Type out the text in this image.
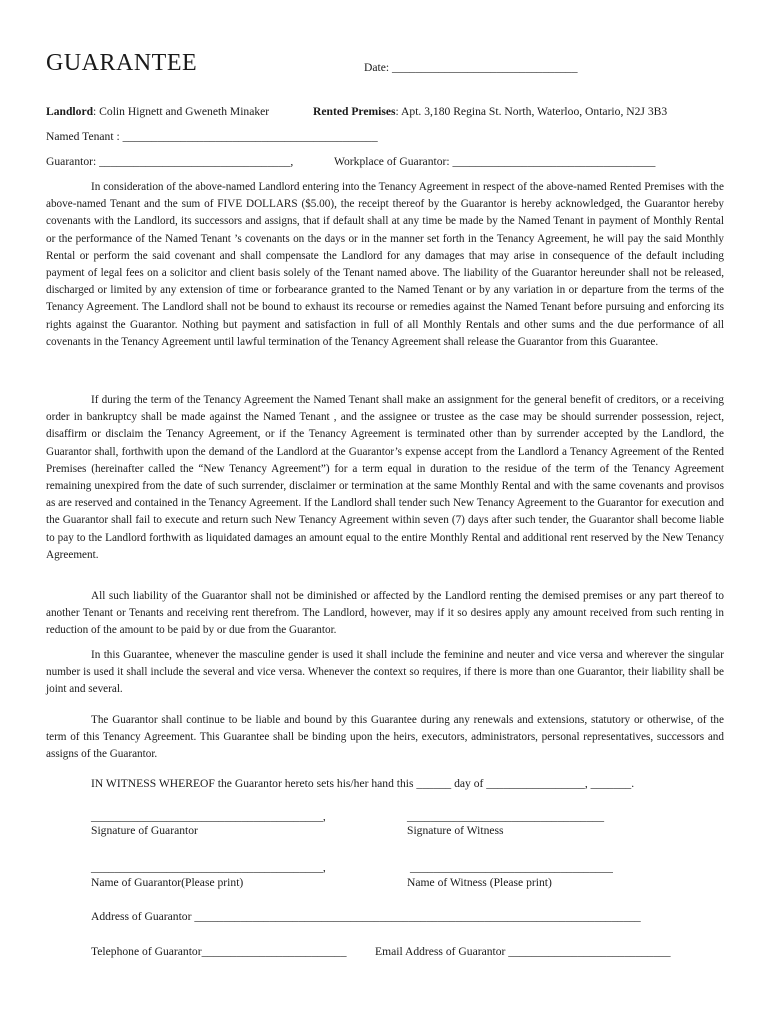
GUARANTEE	Date: ________________________________
Landlord: Colin Hignett and Gweneth Minaker	Rented Premises: Apt. 3,180 Regina St. North, Waterloo, Ontario, N2J 3B3
Named Tenant : ____________________________________________
Guarantor: _________________________________,	Workplace of Guarantor: ___________________________________
In consideration of the above-named Landlord entering into the Tenancy Agreement in respect of the above-named Rented Premises with the above-named Tenant and the sum of FIVE DOLLARS ($5.00), the receipt thereof by the Guarantor is hereby acknowledged, the Guarantor hereby covenants with the Landlord, its successors and assigns, that if default shall at any time be made by the Named Tenant in payment of Monthly Rental or the performance of the Named Tenant ’s covenants on the days or in the manner set forth in the Tenancy Agreement, he will pay the said Monthly Rental or perform the said covenant and shall compensate the Landlord for any damages that may arise in consequence of the default including payment of legal fees on a solicitor and client basis solely of the Tenant named above. The liability of the Guarantor hereunder shall not be released, discharged or limited by any extension of time or forbearance granted to the Named Tenant or by any variation in or departure from the terms of the Tenancy Agreement. The Landlord shall not be bound to exhaust its recourse or remedies against the Named Tenant before pursuing and enforcing its rights against the Guarantor. Nothing but payment and satisfaction in full of all Monthly Rentals and other sums and the due performance of all covenants in the Tenancy Agreement until lawful termination of the Tenancy Agreement shall release the Guarantor from this Guarantee.
If during the term of the Tenancy Agreement the Named Tenant shall make an assignment for the general benefit of creditors, or a receiving order in bankruptcy shall be made against the Named Tenant , and the assignee or trustee as the case may be should surrender possession, reject, disaffirm or disclaim the Tenancy Agreement, or if the Tenancy Agreement is terminated other than by surrender accepted by the Landlord, the Guarantor shall, forthwith upon the demand of the Landlord at the Guarantor’s expense accept from the Landlord a Tenancy Agreement of the Rented Premises (hereinafter called the “New Tenancy Agreement”) for a term equal in duration to the residue of the term of the Tenancy Agreement remaining unexpired from the date of such surrender, disclaimer or termination at the same Monthly Rental and with the same covenants and provisos as are reserved and contained in the Tenancy Agreement. If the Landlord shall tender such New Tenancy Agreement to the Guarantor for execution and the Guarantor shall fail to execute and return such New Tenancy Agreement within seven (7) days after such tender, the Guarantor shall become liable to pay to the Landlord forthwith as liquidated damages an amount equal to the entire Monthly Rental and additional rent reserved by the New Tenancy Agreement.
All such liability of the Guarantor shall not be diminished or affected by the Landlord renting the demised premises or any part thereof to another Tenant or Tenants and receiving rent therefrom. The Landlord, however, may if it so desires apply any amount received from such renting in reduction of the amount to be paid by or due from the Guarantor.
In this Guarantee, whenever the masculine gender is used it shall include the feminine and neuter and vice versa and wherever the singular number is used it shall include the several and vice versa. Whenever the context so requires, if there is more than one Guarantor, their liability shall be joint and several.
The Guarantor shall continue to be liable and bound by this Guarantee during any renewals and extensions, statutory or otherwise, of the term of this Tenancy Agreement. This Guarantee shall be binding upon the heirs, executors, administrators, personal representatives, successors and assigns of the Guarantor.
IN WITNESS WHEREOF the Guarantor hereto sets his/her hand this ______ day of _________________, _______.
________________________________________,
Signature of Guarantor
__________________________________
Signature of Witness
________________________________________,
Name of Guarantor(Please print)
___________________________________
Name of Witness (Please print)
Address of Guarantor _____________________________________________________________________________
Telephone of Guarantor_________________________ Email Address of Guarantor ____________________________
